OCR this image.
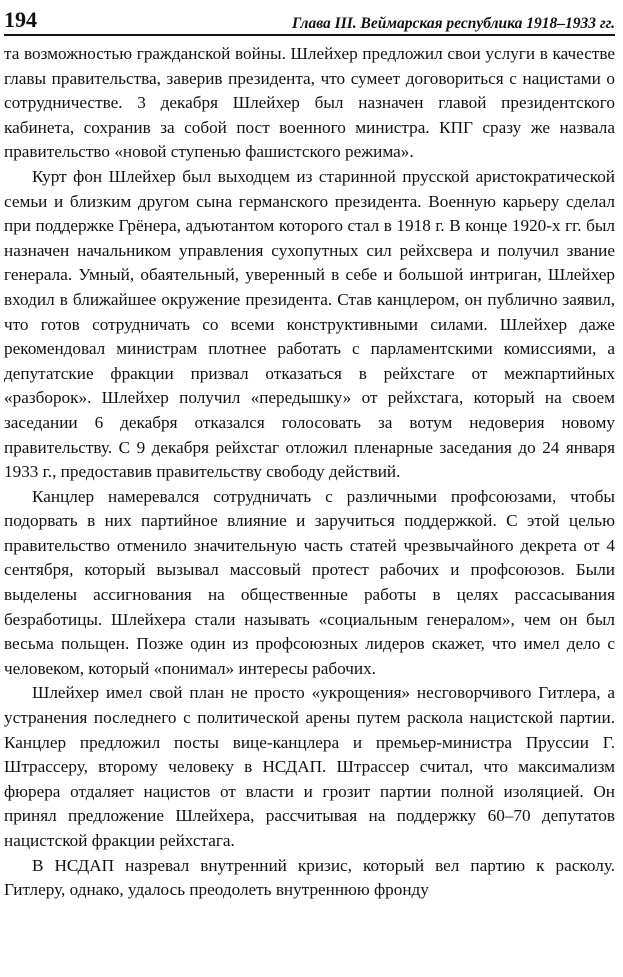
194	Глава III. Веймарская республика 1918–1933 гг.

та возможностью гражданской войны. Шлейхер предложил свои услуги в качестве главы правительства, заверив президента, что сумеет договориться с нацистами о сотрудничестве. 3 декабря Шлейхер был назначен главой президентского кабинета, сохранив за собой пост военного министра. КПГ сразу же назвала правительство «новой ступенью фашистского режима».

Курт фон Шлейхер был выходцем из старинной прусской аристократической семьи и близким другом сына германского президента. Военную карьеру сделал при поддержке Грёнера, адъютантом которого стал в 1918 г. В конце 1920-х гг. был назначен начальником управления сухопутных сил рейхсвера и получил звание генерала. Умный, обаятельный, уверенный в себе и большой интриган, Шлейхер входил в ближайшее окружение президента. Став канцлером, он публично заявил, что готов сотрудничать со всеми конструктивными силами. Шлейхер даже рекомендовал министрам плотнее работать с парламентскими комиссиями, а депутатские фракции призвал отказаться в рейхстаге от межпартийных «разборок». Шлейхер получил «передышку» от рейхстага, который на своем заседании 6 декабря отказался голосовать за вотум недоверия новому правительству. С 9 декабря рейхстаг отложил пленарные заседания до 24 января 1933 г., предоставив правительству свободу действий.

Канцлер намеревался сотрудничать с различными профсоюзами, чтобы подорвать в них партийное влияние и заручиться поддержкой. С этой целью правительство отменило значительную часть статей чрезвычайного декрета от 4 сентября, который вызывал массовый протест рабочих и профсоюзов. Были выделены ассигнования на общественные работы в целях рассасывания безработицы. Шлейхера стали называть «социальным генералом», чем он был весьма польщен. Позже один из профсоюзных лидеров скажет, что имел дело с человеком, который «понимал» интересы рабочих.

Шлейхер имел свой план не просто «укрощения» несговорчивого Гитлера, а устранения последнего с политической арены путем раскола нацистской партии. Канцлер предложил посты вице-канцлера и премьер-министра Пруссии Г. Штрассеру, второму человеку в НСДАП. Штрассер считал, что максимализм фюрера отдаляет нацистов от власти и грозит партии полной изоляцией. Он принял предложение Шлейхера, рассчитывая на поддержку 60–70 депутатов нацистской фракции рейхстага.

В НСДАП назревал внутренний кризис, который вел партию к расколу. Гитлеру, однако, удалось преодолеть внутреннюю фронду
